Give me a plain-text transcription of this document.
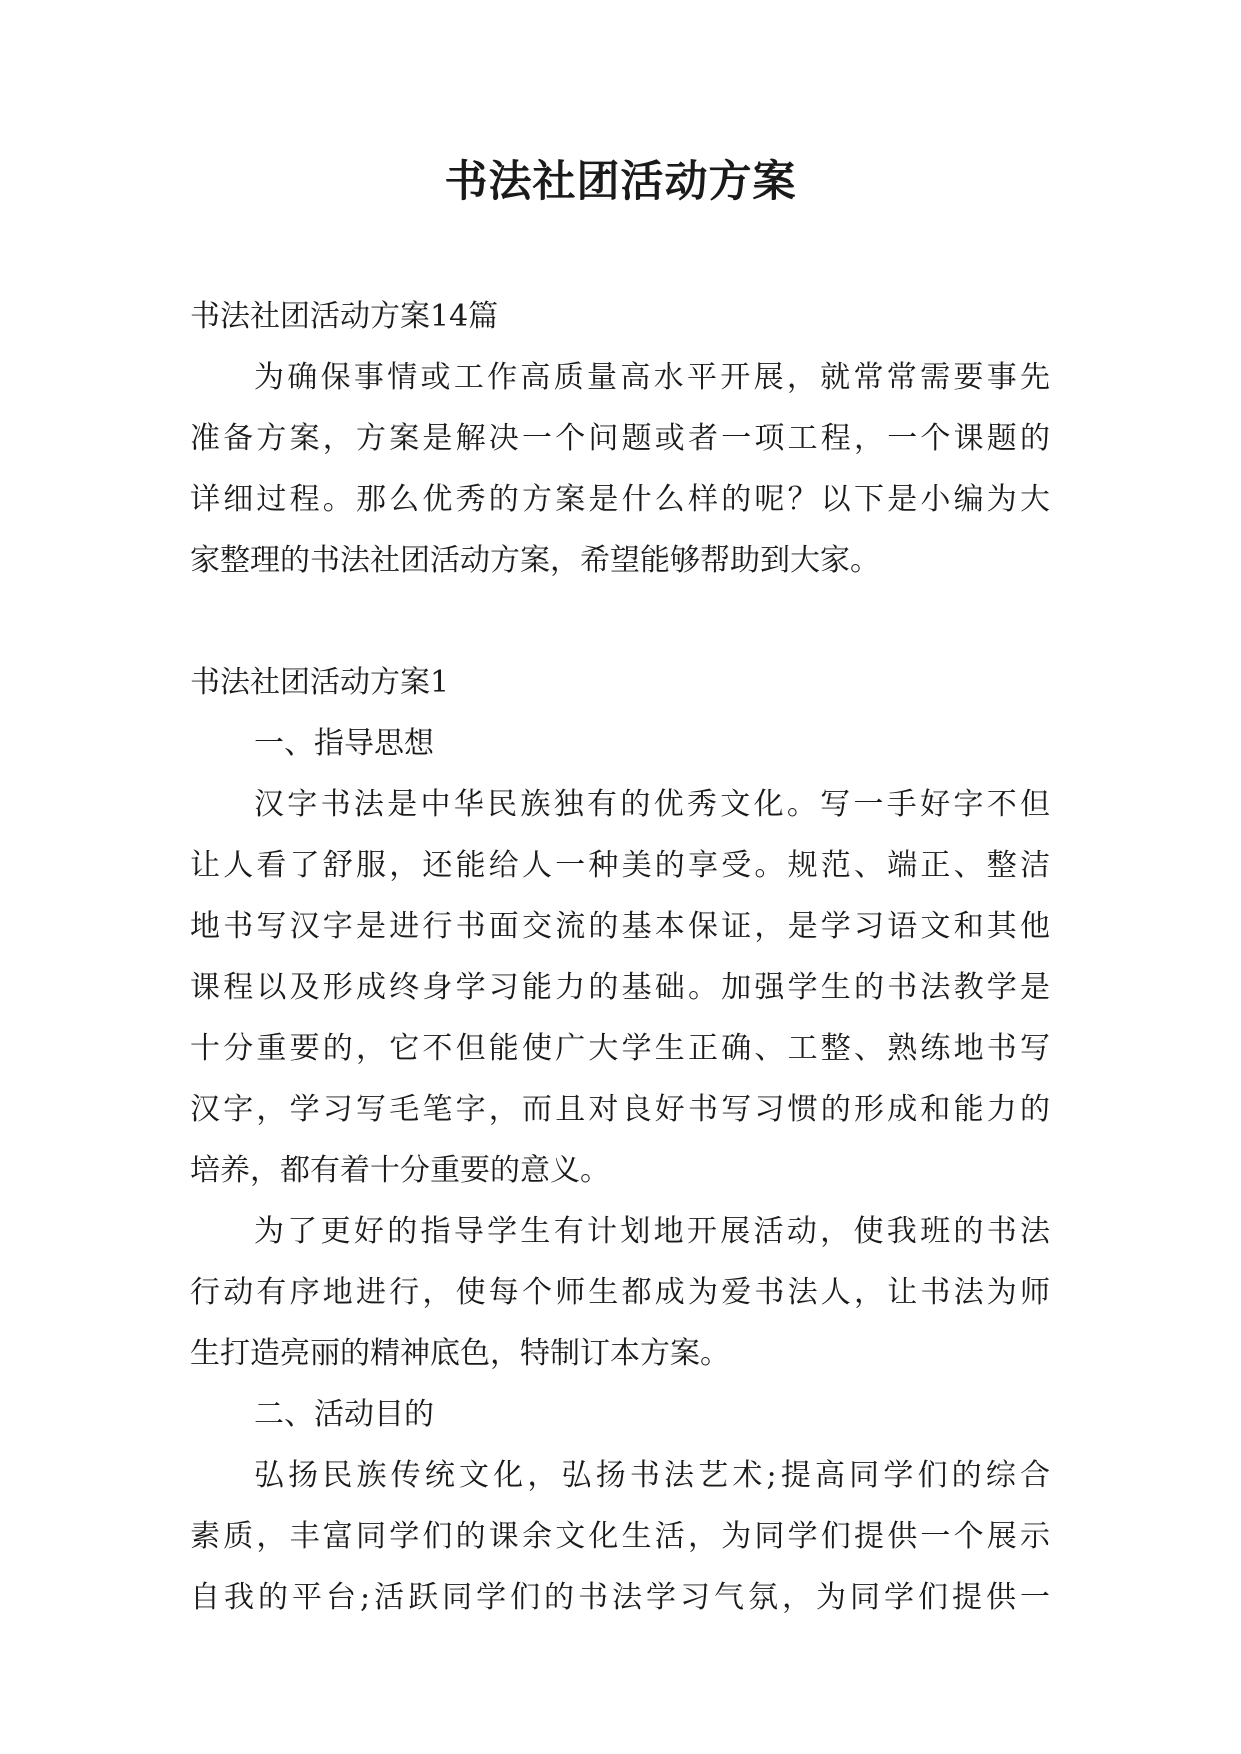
书法社团活动方案

书法社团活动方案14篇

为确保事情或工作高质量高水平开展，就常常需要事先

准备方案，方案是解决一个问题或者一项工程，一个课题的

详细过程。那么优秀的方案是什么样的呢？以下是小编为大

家整理的书法社团活动方案，希望能够帮助到大家。

书法社团活动方案1

一、指导思想

汉字书法是中华民族独有的优秀文化。写一手好字不但

让人看了舒服，还能给人一种美的享受。规范、端正、整洁

地书写汉字是进行书面交流的基本保证，是学习语文和其他

课程以及形成终身学习能力的基础。加强学生的书法教学是

十分重要的，它不但能使广大学生正确、工整、熟练地书写

汉字，学习写毛笔字，而且对良好书写习惯的形成和能力的

培养，都有着十分重要的意义。

为了更好的指导学生有计划地开展活动，使我班的书法

行动有序地进行，使每个师生都成为爱书法人，让书法为师

生打造亮丽的精神底色，特制订本方案。

二、活动目的

弘扬民族传统文化，弘扬书法艺术;提高同学们的综合

素质，丰富同学们的课余文化生活，为同学们提供一个展示

自我的平台;活跃同学们的书法学习气氛，为同学们提供一
